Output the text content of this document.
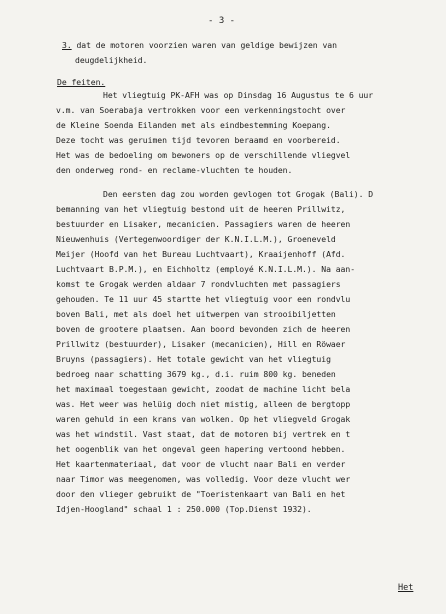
- 3 -
3. dat de motoren voorzien waren van geldige bewijzen van
deugdelijkheid.
De feiten.
Het vliegtuig PK-AFH was op Dinsdag 16 Augustus te 6 uur
v.m. van Soerabaja vertrokken voor een verkenningstocht over
de Kleine Soenda Eilanden met als eindbestemming Koepang.
Deze tocht was geruimen tijd tevoren beraamd en voorbereid.
Het was de bedoeling om bewoners op de verschillende vliegvel
den onderweg rond- en reclame-vluchten te houden.
Den eersten dag zou worden gevlogen tot Grogak (Bali). D
bemanning van het vliegtuig bestond uit de heeren Prillwitz,
bestuurder en Lisaker, mecanicien. Passagiers waren de heeren
Nieuwenhuis (Vertegenwoordiger der K.N.I.L.M.), Groeneveld
Meijer (Hoofd van het Bureau Luchtvaart), Kraaijenhoff (Afd.
Luchtvaart B.P.M.), en Eichholtz (employé K.N.I.L.M.). Na aan-
komst te Grogak werden aldaar 7 rondvluchten met passagiers
gehouden. Te 11 uur 45 startte het vliegtuig voor een rondvlu
boven Bali, met als doel het uitwerpen van strooibiljetten
boven de grootere plaatsen. Aan boord bevonden zich de heeren
Prillwitz (bestuurder), Lisaker (mecanicien), Hill en Röwaer
Bruyns (passagiers). Het totale gewicht van het vliegtuig
bedroeg naar schatting 3679 kg., d.i. ruim 800 kg. beneden
het maximaal toegestaan gewicht, zoodat de machine licht bela
was. Het weer was helüig doch niet mistig, alleen de bergtopp
waren gehuld in een krans van wolken. Op het vliegveld Grogak
was het windstil. Vast staat, dat de motoren bij vertrek en t
het oogenblik van het ongeval geen hapering vertoond hebben.
Het kaartenmateriaal, dat voor de vlucht naar Bali en verder
naar Timor was meegenomen, was volledig. Voor deze vlucht wer
door den vlieger gebruikt de "Toeristenkaart van Bali en het
Idjen-Hoogland" schaal 1 : 250.000 (Top.Dienst 1932).
Het
